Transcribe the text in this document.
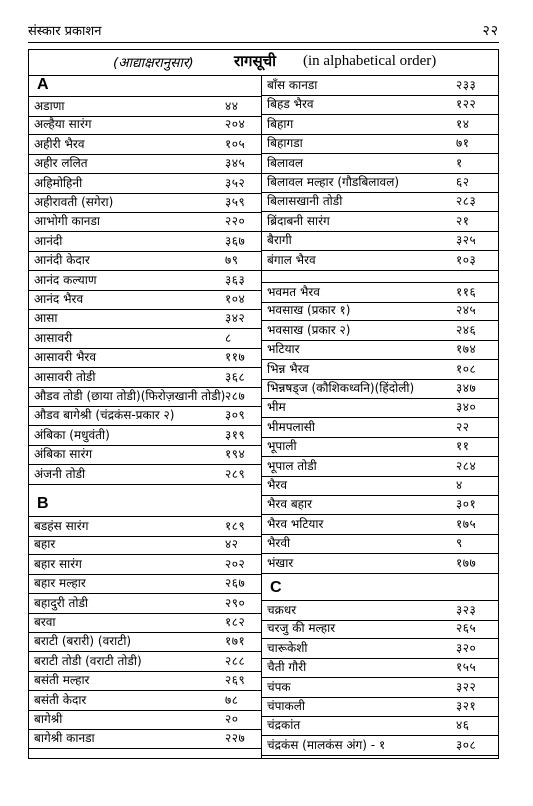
संस्कार प्रकाशन	२२
(आद्याक्षरानुसार)	रागसूची (in alphabetical order)
A
अडाणा	४४
अल्हैया सारंग	२०४
अहीरी भैरव	१०५
अहीर ललित	३४५
अहिमोहिनी	३५२
अहीरावती (सगेरा)	३५९
आभोगी कानडा	२२०
आनंदी	३६७
आनंदी केदार	७९
आनंद कल्याण	३६३
आनंद भैरव	१०४
आसा	३४२
आसावरी	८
आसावरी भैरव	११७
आसावरी तोडी	३६८
औडव तोडी (छाया तोडी)(फिरोज़खानी तोडी) २८७
औडव बागेश्री (चंद्रकंस-प्रकार २)	३०९
अंबिका (मधुवंती)	३१९
अंबिका सारंग	१९४
अंजनी तोडी	२८९
B
बडहंस सारंग	१८९
बहार	४२
बहार सारंग	२०२
बहार मल्हार	२६७
बहादुरी तोडी	२९०
बरवा	१८२
बराटी (बरारी) (वराटी)	१७१
बराटी तोडी (वराटी तोडी)	२८८
बसंती मल्हार	२६९
बसंती केदार	७८
बागेश्री	२०
बागेश्री कानडा	२२७
बाँस कानडा	२३३
बिहड भैरव	१२२
बिहाग	१४
बिहागडा	७१
बिलावल	१
बिलावल मल्हार (गौडबिलावल)	६२
बिलासखानी तोडी	२८३
ब्रिंदाबनी सारंग	२१
बैरागी	३२५
बंगाल भैरव	१०३
भवमत भैरव	११६
भवसाख (प्रकार १)	२४५
भवसाख (प्रकार २)	२४६
भटियार	१७४
भिन्न भैरव	१०८
भिन्नषड्ज (कौशिकध्वनि)(हिंदोली)	३४७
भीम	३४०
भीमपलासी	२२
भूपाली	११
भूपाल तोडी	२८४
भैरव	४
भैरव बहार	३०१
भैरव भटियार	१७५
भैरवी	९
भंखार	१७७
C
चक्रधर	३२३
चरजु की मल्हार	२६५
चारूकेशी	३२०
चैती गौरी	१५५
चंपक	३२२
चंपाकली	३२१
चंद्रकांत	४६
चंद्रकंस (मालकंस अंग) - १	३०८
